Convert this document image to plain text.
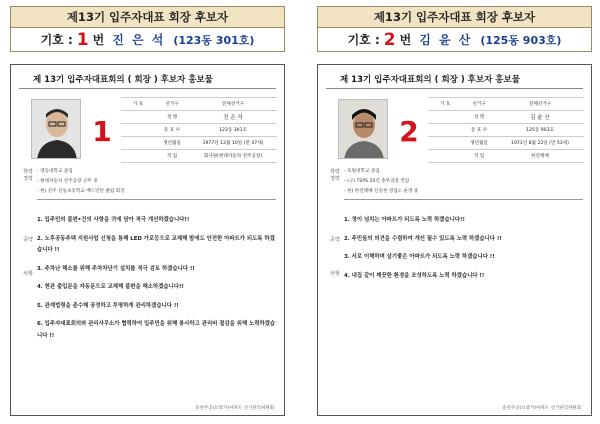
제13기 입주자대표 회장 후보자
기호 : 1 번 진 은 석 (123동 301호)
제 13기 입주자대표회의 ( 회장 ) 후보자 홍보물
1
기 호	선거구	전체선거구
	성 명	진 은 석
	동 호 수	123동 301호
	생년월일	1977년 12월 10일 (만 47세)
	직 업	회사원(현대자동차 전주공장)
학력경력
- 영등대학교 졸업
- 현대자동차 전주공장 근무 중
- 현) 전주 신동초등학교 배드민턴 클럽 회장
공약사항
1. 입주민의 불편•건의 사항을 귀에 담아 적극 개선하겠습니다!!
2. 노후공동주택 지원사업 신청을 통해 LED 가로등으로 교체해 밤에도 안전한 아파트가 되도록 하겠습니다 !!
3. 주차난 해소를 위해 주차차단기 설치를 적극 검토 하겠습니다 !!
4. 현관 출입문을 자동문으로 교체해 불편을 해소하겠습니다!!
5. 관계법령을 준수해 공정하고 투명하게 관리하겠습니다 !!
6. 입주자대표회의와 관리사무소가 협력하여 입주민을 위해 봉사하고 관리비 절감을 위해 노력하겠습니다 !!
송천주공(프랑카)아파트 선거관리위원회
제13기 입주자대표 회장 후보자
기호 : 2 번 김 윤 산 (125동 903호)
제 13기 입주자대표회의 ( 회장 ) 후보자 홍보물
2
기 호	선거구	전체선거구
	성 명	김 윤 산
	동 호 수	125동 903호
	생년월일	1971년 8월 22일 (만 53세)
	직 업	한진택배
학력경력
- 호원대학교 졸업
- (구) TSPS 20년 총무과장 역임
- 현) 한진택배 신송천 영업소 운영 중
공약사항
1. 정이 넘치는 아파트가 되도록 노력 하겠습니다!!
2. 주민들의 의견을 수렴하여 개선 될수 있도록 노력 하겠습니다 !!
3. 서로 이해하며 살기좋은 아파트가 되도록 노력 하겠습니다 !!
4. 내집 같이 깨끗한 환경을 조성하도록 노력 하겠습니다 !!
송천주공(프랑카)아파트 선거관리위원회
